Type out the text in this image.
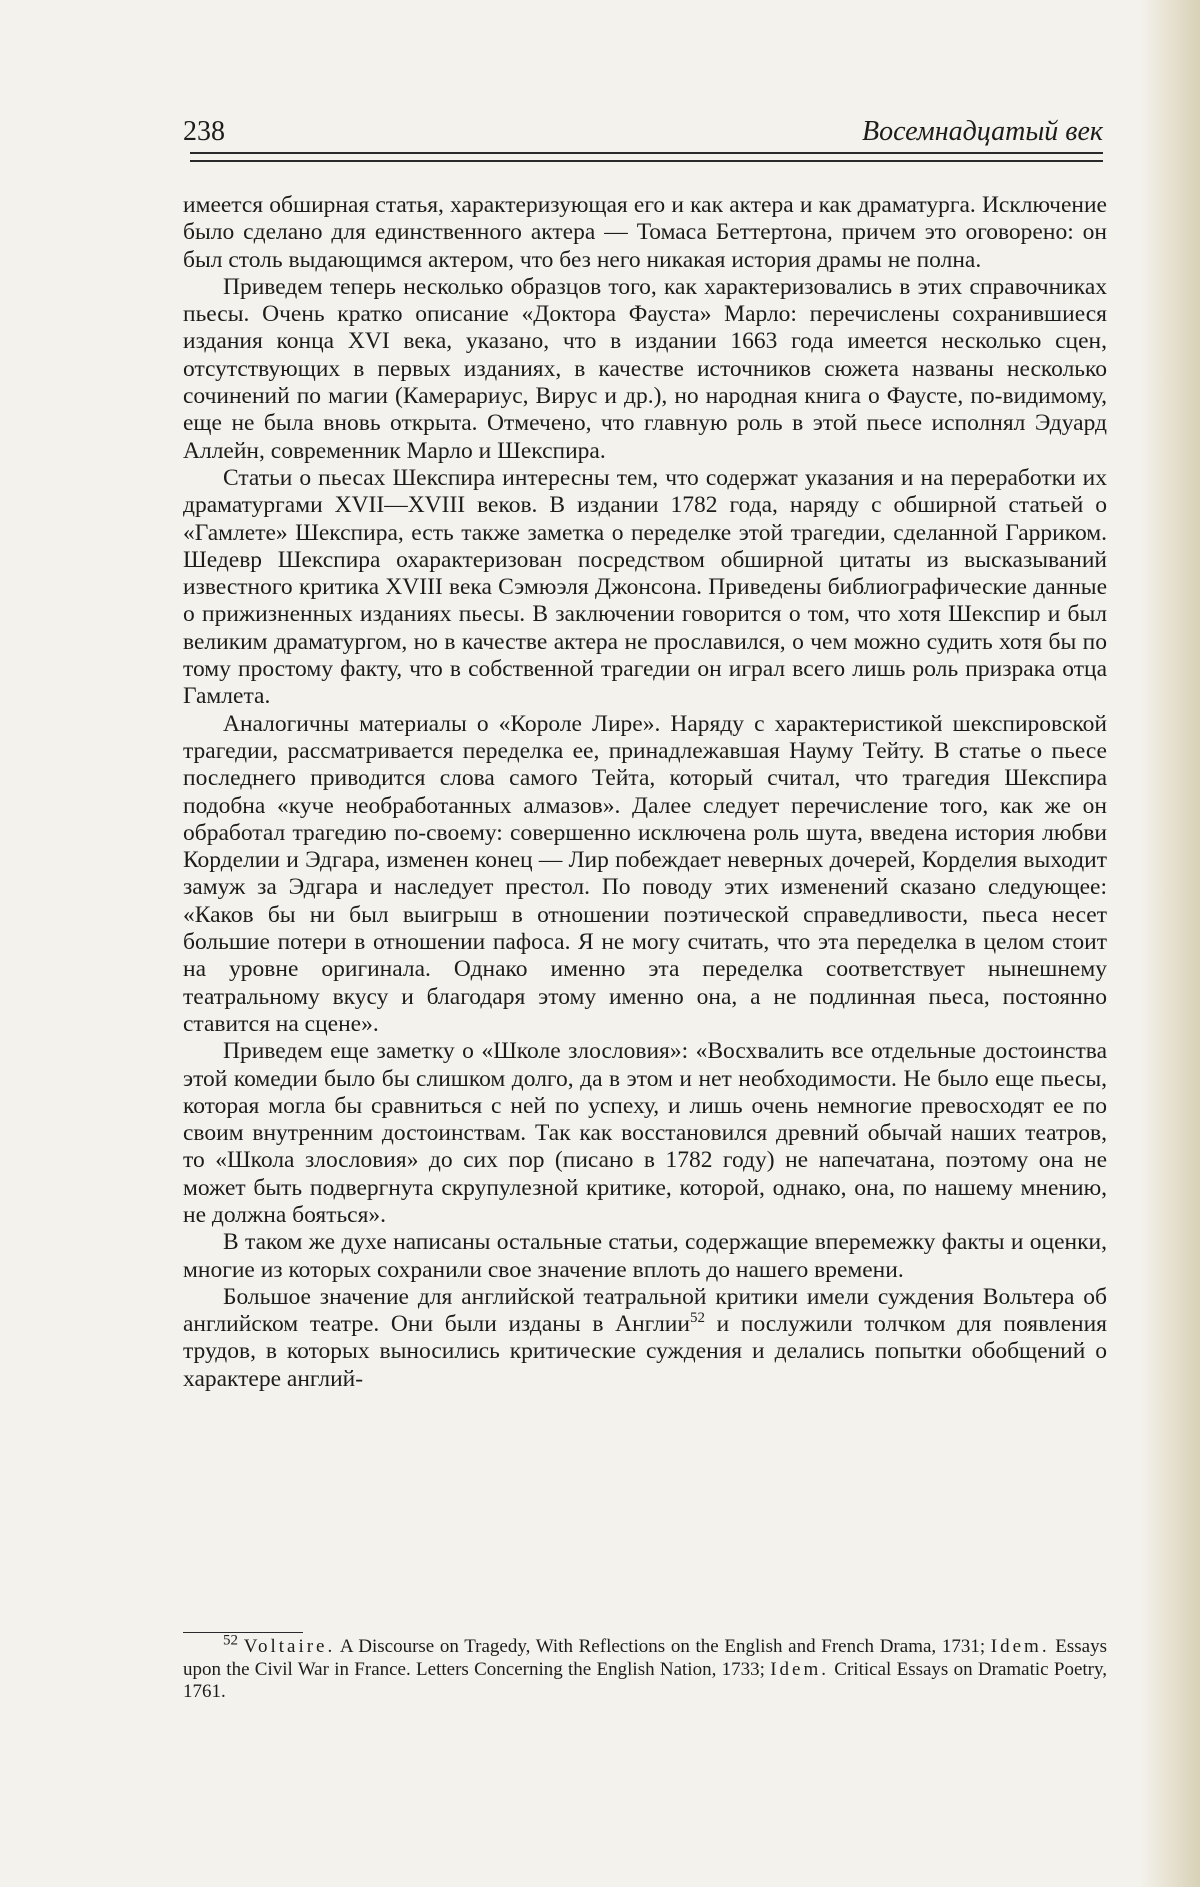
238	Восемнадцатый век

имеется обширная статья, характеризующая его и как актера и как драматурга. Исключение было сделано для единственного актера — Томаса Беттертона, причем это оговорено: он был столь выдающимся актером, что без него никакая история драмы не полна.

Приведем теперь несколько образцов того, как характеризовались в этих справочниках пьесы. Очень кратко описание «Доктора Фауста» Марло: перечислены сохранившиеся издания конца XVI века, указано, что в издании 1663 года имеется несколько сцен, отсутствующих в первых изданиях, в качестве источников сюжета названы несколько сочинений по магии (Камерариус, Вирус и др.), но народная книга о Фаусте, по-видимому, еще не была вновь открыта. Отмечено, что главную роль в этой пьесе исполнял Эдуард Аллейн, современник Марло и Шекспира.

Статьи о пьесах Шекспира интересны тем, что содержат указания и на переработки их драматургами XVII—XVIII веков. В издании 1782 года, наряду с обширной статьей о «Гамлете» Шекспира, есть также заметка о переделке этой трагедии, сделанной Гарриком. Шедевр Шекспира охарактеризован посредством обширной цитаты из высказываний известного критика XVIII века Сэмюэля Джонсона. Приведены библиографические данные о прижизненных изданиях пьесы. В заключении говорится о том, что хотя Шекспир и был великим драматургом, но в качестве актера не прославился, о чем можно судить хотя бы по тому простому факту, что в собственной трагедии он играл всего лишь роль призрака отца Гамлета.

Аналогичны материалы о «Короле Лире». Наряду с характеристикой шекспировской трагедии, рассматривается переделка ее, принадлежавшая Науму Тейту. В статье о пьесе последнего приводится слова самого Тейта, который считал, что трагедия Шекспира подобна «куче необработанных алмазов». Далее следует перечисление того, как же он обработал трагедию по-своему: совершенно исключена роль шута, введена история любви Корделии и Эдгара, изменен конец — Лир побеждает неверных дочерей, Корделия выходит замуж за Эдгара и наследует престол. По поводу этих изменений сказано следующее: «Каков бы ни был выигрыш в отношении поэтической справедливости, пьеса несет большие потери в отношении пафоса. Я не могу считать, что эта переделка в целом стоит на уровне оригинала. Однако именно эта переделка соответствует нынешнему театральному вкусу и благодаря этому именно она, а не подлинная пьеса, постоянно ставится на сцене».

Приведем еще заметку о «Школе злословия»: «Восхвалить все отдельные достоинства этой комедии было бы слишком долго, да в этом и нет необходимости. Не было еще пьесы, которая могла бы сравниться с ней по успеху, и лишь очень немногие превосходят ее по своим внутренним достоинствам. Так как восстановился древний обычай наших театров, то «Школа злословия» до сих пор (писано в 1782 году) не напечатана, поэтому она не может быть подвергнута скрупулезной критике, которой, однако, она, по нашему мнению, не должна бояться».

В таком же духе написаны остальные статьи, содержащие вперемежку факты и оценки, многие из которых сохранили свое значение вплоть до нашего времени.

Большое значение для английской театральной критики имели суждения Вольтера об английском театре. Они были изданы в Англии$^{52}$ и послужили толчком для появления трудов, в которых выносились критические суждения и делались попытки обобщений о характере англий-

$^{52}$ Voltaire. A Discourse on Tragedy, With Reflections on the English and French Drama, 1731; Idem. Essays upon the Civil War in France. Letters Concerning the English Nation, 1733; Idem. Critical Essays on Dramatic Poetry, 1761.
